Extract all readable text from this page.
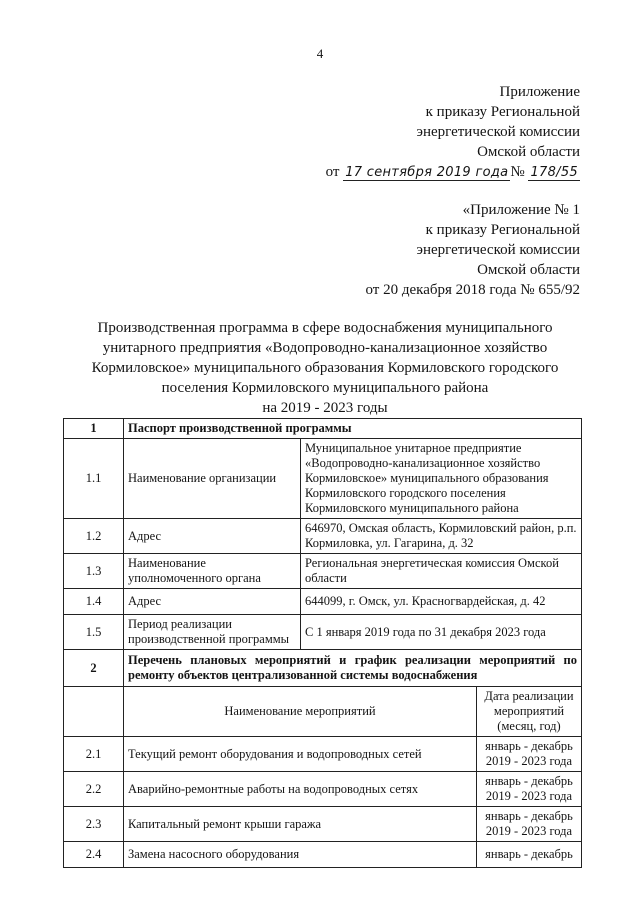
4
Приложение
к приказу Региональной
энергетической комиссии
Омской области
от 17 сентября 2019 года № 178/55
«Приложение № 1
к приказу Региональной
энергетической комиссии
Омской области
от 20 декабря 2018 года № 655/92
Производственная программа в сфере водоснабжения муниципального
унитарного предприятия «Водопроводно-канализационное хозяйство
Кормиловское» муниципального образования Кормиловского городского
поселения Кормиловского муниципального района
на 2019 - 2023 годы
1	Паспорт производственной программы		
1.1	Наименование организации	Муниципальное унитарное предприятие «Водопроводно-канализационное хозяйство Кормиловское» муниципального образования Кормиловского городского поселения Кормиловского муниципального района	
1.2	Адрес	646970, Омская область, Кормиловский район, р.п. Кормиловка, ул. Гагарина, д. 32	
1.3	Наименование уполномоченного органа	Региональная энергетическая комиссия Омской области	
1.4	Адрес	644099, г. Омск, ул. Красногвардейская, д. 42	
1.5	Период реализации производственной программы	С 1 января 2019 года по 31 декабря 2023 года	
2	Перечень плановых мероприятий и график реализации мероприятий по ремонту объектов централизованной системы водоснабжения		
	Наименование мероприятий		Дата реализации мероприятий (месяц, год)
2.1	Текущий ремонт оборудования и водопроводных сетей		январь - декабрь 2019 - 2023 года
2.2	Аварийно-ремонтные работы на водопроводных сетях		январь - декабрь 2019 - 2023 года
2.3	Капитальный ремонт крыши гаража		январь - декабрь 2019 - 2023 года
2.4	Замена насосного оборудования		январь - декабрь
